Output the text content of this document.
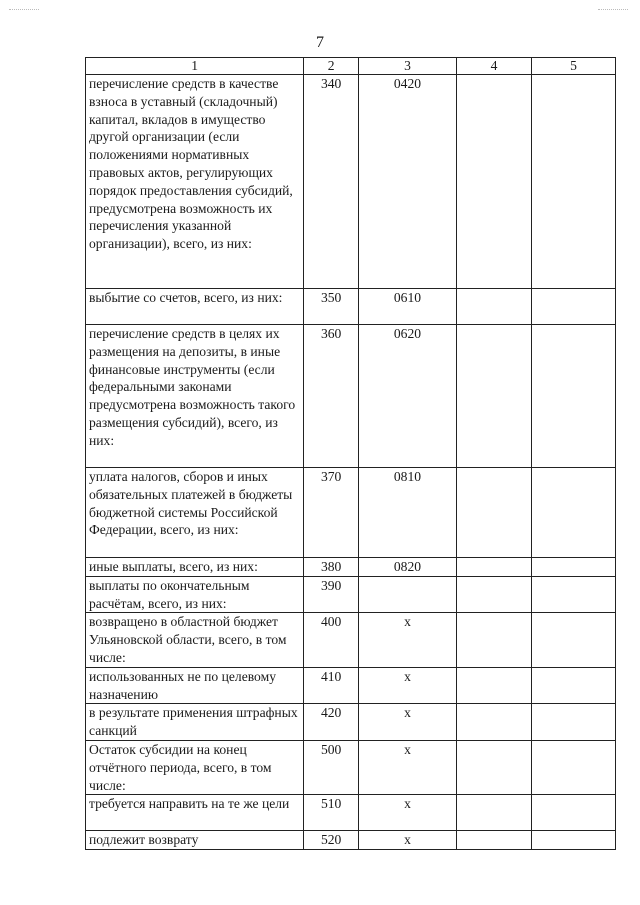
7
1	2	3	4	5
перечисление средств в качестве взноса в уставный (складочный) капитал, вкладов в имущество другой организации (если положениями нормативных правовых актов, регулирующих порядок предоставления субсидий, предусмотрена возможность их перечисления указанной организации), всего, из них:	340	0420		
выбытие со счетов, всего, из них:	350	0610		
перечисление средств в целях их размещения на депозиты, в иные финансовые инструменты (если федеральными законами предусмотрена возможность такого размещения субсидий), всего, из них:	360	0620		
уплата налогов, сборов и иных обязательных платежей в бюджеты бюджетной системы Российской Федерации, всего, из них:	370	0810		
иные выплаты, всего, из них:	380	0820		
выплаты по окончательным расчётам, всего, из них:	390			
возвращено в областной бюджет Ульяновской области, всего, в том числе:	400	х		
использованных не по целевому назначению	410	х		
в результате применения штрафных санкций	420	х		
Остаток субсидии на конец отчётного периода, всего, в том числе:	500	х		
требуется направить на те же цели	510	х		
подлежит возврату	520	х		
